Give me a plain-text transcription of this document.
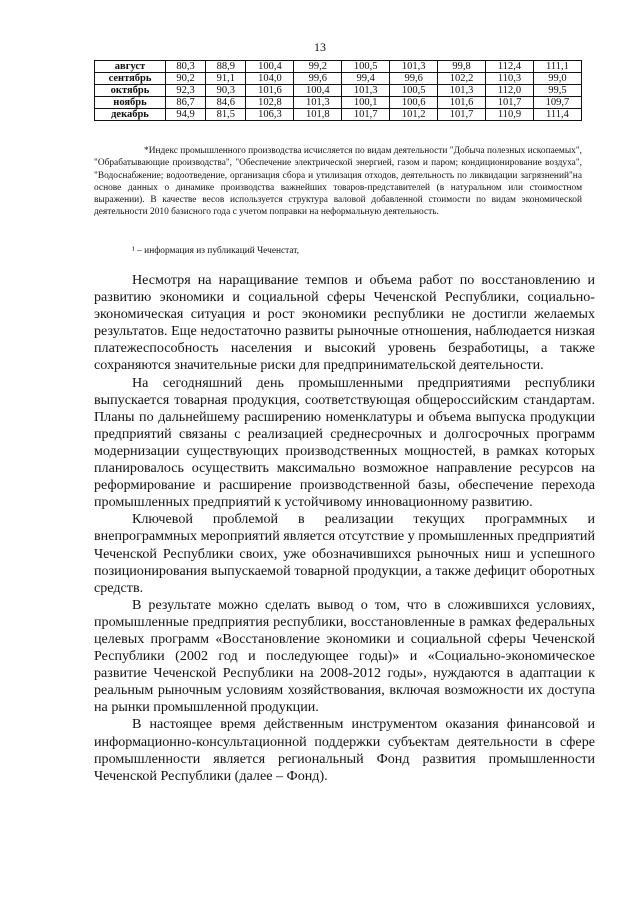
13
август	80,3	88,9	100,4	99,2	100,5	101,3	99,8	112,4	111,1
сентябрь	90,2	91,1	104,0	99,6	99,4	99,6	102,2	110,3	99,0
октябрь	92,3	90,3	101,6	100,4	101,3	100,5	101,3	112,0	99,5
ноябрь	86,7	84,6	102,8	101,3	100,1	100,6	101,6	101,7	109,7
декабрь	94,9	81,5	106,3	101,8	101,7	101,2	101,7	110,9	111,4

*Индекс промышленного производства исчисляется по видам деятельности "Добыча полезных ископаемых", "Обрабатывающие производства", "Обеспечение электрической энергией, газом и паром; кондиционирование воздуха", "Водоснабжение; водоотведение, организация сбора и утилизация отходов, деятельность по ликвидации загрязнений"на основе данных о динамике производства важнейших товаров-представителей (в натуральном или стоимостном выражении). В качестве весов используется структура валовой добавленной стоимости по видам экономической деятельности 2010 базисного года с учетом поправки на неформальную деятельность.

¹ – информация из публикаций Чеченстат,

Несмотря на наращивание темпов и объема работ по восстановлению и развитию экономики и социальной сферы Чеченской Республики, социально-экономическая ситуация и рост экономики республики не достигли желаемых результатов. Еще недостаточно развиты рыночные отношения, наблюдается низкая платежеспособность населения и высокий уровень безработицы, а также сохраняются значительные риски для предпринимательской деятельности.

На сегодняшний день промышленными предприятиями республики выпускается товарная продукция, соответствующая общероссийским стандартам. Планы по дальнейшему расширению номенклатуры и объема выпуска продукции предприятий связаны с реализацией среднесрочных и долгосрочных программ модернизации существующих производственных мощностей, в рамках которых планировалось осуществить максимально возможное направление ресурсов на реформирование и расширение производственной базы, обеспечение перехода промышленных предприятий к устойчивому инновационному развитию.

Ключевой проблемой в реализации текущих программных и внепрограммных мероприятий является отсутствие у промышленных предприятий Чеченской Республики своих, уже обозначившихся рыночных ниш и успешного позиционирования выпускаемой товарной продукции, а также дефицит оборотных средств.

В результате можно сделать вывод о том, что в сложившихся условиях, промышленные предприятия республики, восстановленные в рамках федеральных целевых программ «Восстановление экономики и социальной сферы Чеченской Республики (2002 год и последующее годы)» и «Социально-экономическое развитие Чеченской Республики на 2008-2012 годы», нуждаются в адаптации к реальным рыночным условиям хозяйствования, включая возможности их доступа на рынки промышленной продукции.

В настоящее время действенным инструментом оказания финансовой и информационно-консультационной поддержки субъектам деятельности в сфере промышленности является региональный Фонд развития промышленности Чеченской Республики (далее – Фонд).
